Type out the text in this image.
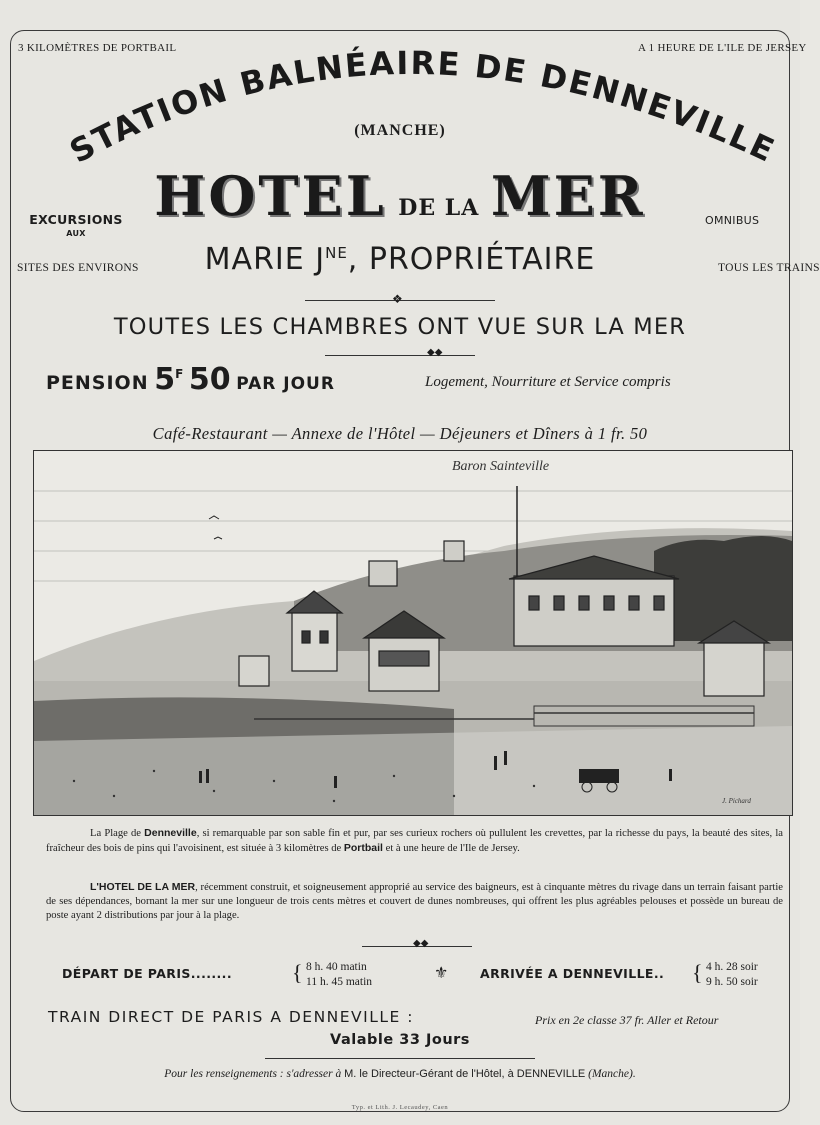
3 KILOMÈTRES DE PORTBAIL	A 1 HEURE DE L'ILE DE JERSEY
STATION BALNÉAIRE DE DENNEVILLE
(MANCHE)
HOTEL DE LA MER
EXCURSIONS
AUX
SITES DES ENVIRONS
OMNIBUS
TOUS LES TRAINS
MARIE $J^{NE}$, PROPRIÉTAIRE
❖
TOUTES LES CHAMBRES ONT VUE SUR LA MER
◆◆
PENSION $5^F$ 50 PAR JOUR	Logement, Nourriture et Service compris
Café-Restaurant — Annexe de l'Hôtel — Déjeuners et Dîners à 1 fr. 50
Baron Sainteville
J. Pichard
La Plage de Denneville, si remarquable par son sable fin et pur, par ses curieux rochers où pullulent les crevettes, par la richesse du pays, la beauté des sites, la fraîcheur des bois de pins qui l'avoisinent, est située à 3 kilomètres de Portbail et à une heure de l'Ile de Jersey.
L'HOTEL DE LA MER, récemment construit, et soigneusement approprié au service des baigneurs, est à cinquante mètres du rivage dans un terrain faisant partie de ses dépendances, bornant la mer sur une longueur de trois cents mètres et couvert de dunes nombreuses, qui offrent les plus agréables pelouses et possède un bureau de poste ayant 2 distributions par jour à la plage.
◆◆
DÉPART DE PARIS........	{ 8 h. 40 matin
11 h. 45 matin	⚜	ARRIVÉE A DENNEVILLE.. { 4 h. 28 soir
9 h. 50 soir
TRAIN DIRECT DE PARIS A DENNEVILLE :	Prix en 2e classe 37 fr. Aller et Retour
Valable 33 Jours
Pour les renseignements : s'adresser à M. le Directeur-Gérant de l'Hôtel, à DENNEVILLE (Manche).
Typ. et Lith. J. Lecaudey, Caen
